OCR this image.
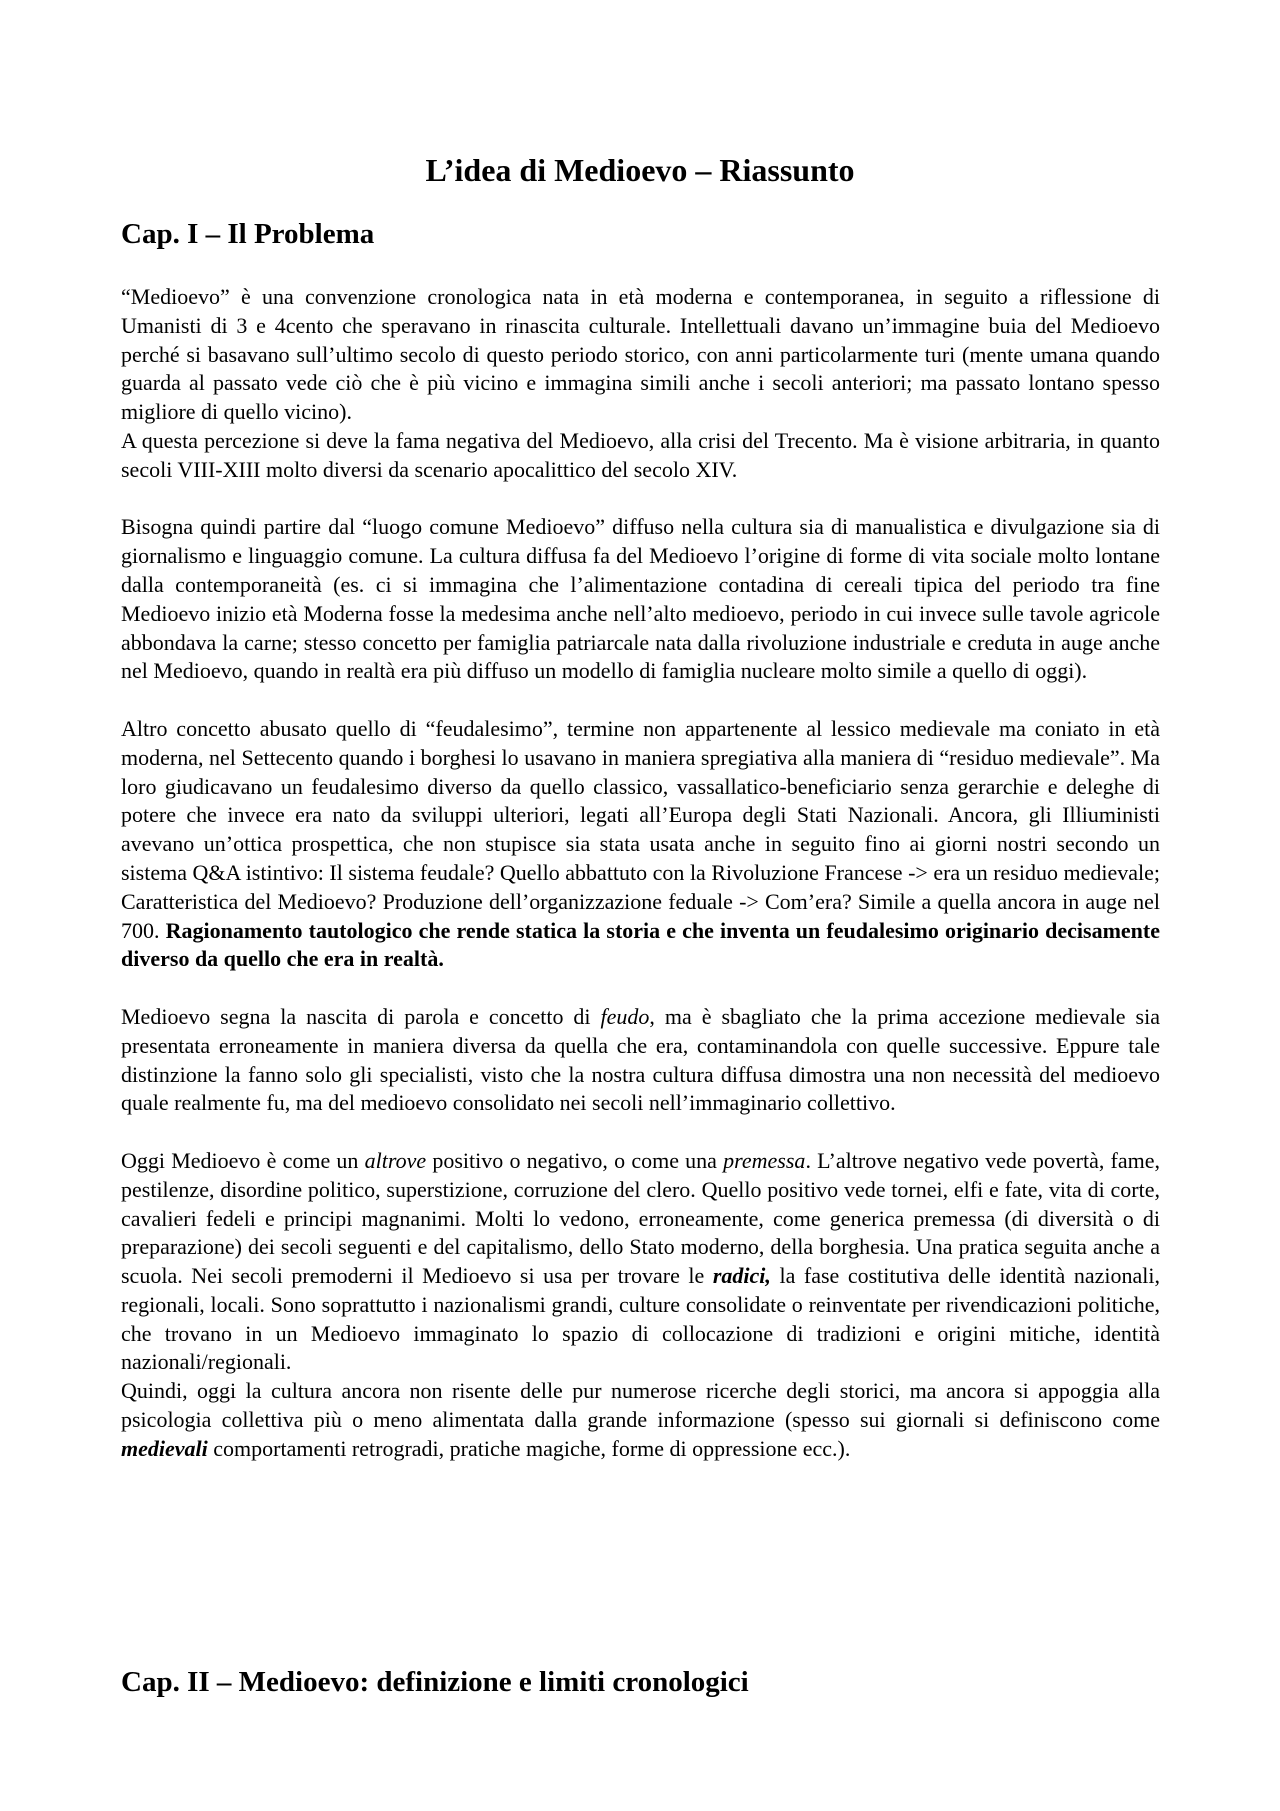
L’idea di Medioevo – Riassunto
Cap. I – Il Problema

“Medioevo” è una convenzione cronologica nata in età moderna e contemporanea, in seguito a riflessione di Umanisti di 3 e 4cento che speravano in rinascita culturale. Intellettuali davano un’immagine buia del Medioevo perché si basavano sull’ultimo secolo di questo periodo storico, con anni particolarmente turi (mente umana quando guarda al passato vede ciò che è più vicino e immagina simili anche i secoli anteriori; ma passato lontano spesso migliore di quello vicino).

A questa percezione si deve la fama negativa del Medioevo, alla crisi del Trecento. Ma è visione arbitraria, in quanto secoli VIII-XIII molto diversi da scenario apocalittico del secolo XIV.

Bisogna quindi partire dal “luogo comune Medioevo” diffuso nella cultura sia di manualistica e divulgazione sia di giornalismo e linguaggio comune. La cultura diffusa fa del Medioevo l’origine di forme di vita sociale molto lontane dalla contemporaneità (es. ci si immagina che l’alimentazione contadina di cereali tipica del periodo tra fine Medioevo inizio età Moderna fosse la medesima anche nell’alto medioevo, periodo in cui invece sulle tavole agricole abbondava la carne; stesso concetto per famiglia patriarcale nata dalla rivoluzione industriale e creduta in auge anche nel Medioevo, quando in realtà era più diffuso un modello di famiglia nucleare molto simile a quello di oggi).

Altro concetto abusato quello di “feudalesimo”, termine non appartenente al lessico medievale ma coniato in età moderna, nel Settecento quando i borghesi lo usavano in maniera spregiativa alla maniera di “residuo medievale”. Ma loro giudicavano un feudalesimo diverso da quello classico, vassallatico-beneficiario senza gerarchie e deleghe di potere che invece era nato da sviluppi ulteriori, legati all’Europa degli Stati Nazionali. Ancora, gli Illiuministi avevano un’ottica prospettica, che non stupisce sia stata usata anche in seguito fino ai giorni nostri secondo un sistema Q&A istintivo: Il sistema feudale? Quello abbattuto con la Rivoluzione Francese -> era un residuo medievale; Caratteristica del Medioevo? Produzione dell’organizzazione feduale -> Com’era? Simile a quella ancora in auge nel 700. Ragionamento tautologico che rende statica la storia e che inventa un feudalesimo originario decisamente diverso da quello che era in realtà.

Medioevo segna la nascita di parola e concetto di feudo, ma è sbagliato che la prima accezione medievale sia presentata erroneamente in maniera diversa da quella che era, contaminandola con quelle successive. Eppure tale distinzione la fanno solo gli specialisti, visto che la nostra cultura diffusa dimostra una non necessità del medioevo quale realmente fu, ma del medioevo consolidato nei secoli nell’immaginario collettivo.

Oggi Medioevo è come un altrove positivo o negativo, o come una premessa. L’altrove negativo vede povertà, fame, pestilenze, disordine politico, superstizione, corruzione del clero. Quello positivo vede tornei, elfi e fate, vita di corte, cavalieri fedeli e principi magnanimi. Molti lo vedono, erroneamente, come generica premessa (di diversità o di preparazione) dei secoli seguenti e del capitalismo, dello Stato moderno, della borghesia. Una pratica seguita anche a scuola. Nei secoli premoderni il Medioevo si usa per trovare le radici, la fase costitutiva delle identità nazionali, regionali, locali. Sono soprattutto i nazionalismi grandi, culture consolidate o reinventate per rivendicazioni politiche, che trovano in un Medioevo immaginato lo spazio di collocazione di tradizioni e origini mitiche, identità nazionali/regionali.

Quindi, oggi la cultura ancora non risente delle pur numerose ricerche degli storici, ma ancora si appoggia alla psicologia collettiva più o meno alimentata dalla grande informazione (spesso sui giornali si definiscono come medievali comportamenti retrogradi, pratiche magiche, forme di oppressione ecc.).

Cap. II – Medioevo: definizione e limiti cronologici
